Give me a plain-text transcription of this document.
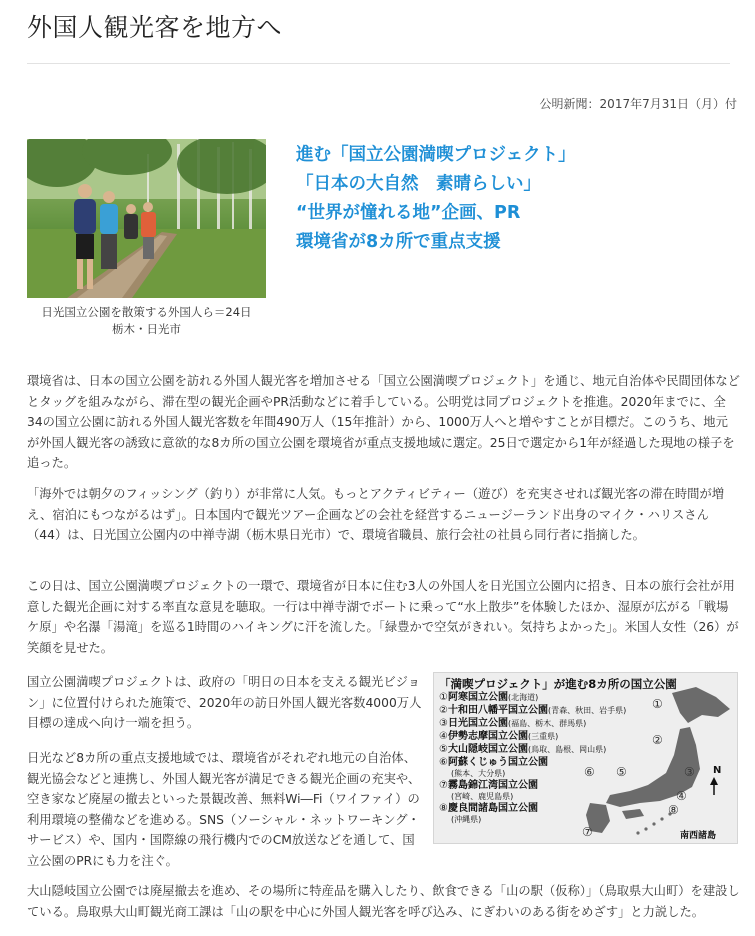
外国人観光客を地方へ
公明新聞：2017年7月31日（月）付
日光国立公園を散策する外国人ら＝24日
栃木・日光市
進む「国立公園満喫プロジェクト」
「日本の大自然　素晴らしい」
“世界が憧れる地”企画、PR
環境省が8カ所で重点支援

環境省は、日本の国立公園を訪れる外国人観光客を増加させる「国立公園満喫プロジェクト」を通じ、地元自治体や民間団体などとタッグを組みながら、滞在型の観光企画やPR活動などに着手している。公明党は同プロジェクトを推進。2020年までに、全34の国立公園に訪れる外国人観光客数を年間490万人（15年推計）から、1000万人へと増やすことが目標だ。このうち、地元が外国人観光客の誘致に意欲的な8カ所の国立公園を環境省が重点支援地域に選定。25日で選定から1年が経過した現地の様子を追った。

「海外では朝夕のフィッシング（釣り）が非常に人気。もっとアクティビティー（遊び）を充実させれば観光客の滞在時間が増え、宿泊にもつながるはず」。日本国内で観光ツアー企画などの会社を経営するニュージーランド出身のマイク・ハリスさん（44）は、日光国立公園内の中禅寺湖（栃木県日光市）で、環境省職員、旅行会社の社員ら同行者に指摘した。

この日は、国立公園満喫プロジェクトの一環で、環境省が日本に住む3人の外国人を日光国立公園内に招き、日本の旅行会社が用意した観光企画に対する率直な意見を聴取。一行は中禅寺湖でボートに乗って“水上散歩”を体験したほか、湿原が広がる「戦場ケ原」や名瀑「湯滝」を巡る1時間のハイキングに汗を流した。「緑豊かで空気がきれい。気持ちよかった」。米国人女性（26）が笑顔を見せた。

国立公園満喫プロジェクトは、政府の「明日の日本を支える観光ビジョン」に位置付けられた施策で、2020年の訪日外国人観光客数4000万人目標の達成へ向け一端を担う。

日光など8カ所の重点支援地域では、環境省がそれぞれ地元の自治体、観光協会などと連携し、外国人観光客が満足できる観光企画の充実や、空き家など廃屋の撤去といった景観改善、無料Wi―Fi（ワイファイ）の利用環境の整備などを進める。SNS（ソーシャル・ネットワーキング・サービス）や、国内・国際線の飛行機内でのCM放送などを通して、国立公園のPRにも力を注ぐ。

大山隠岐国立公園では廃屋撤去を進め、その場所に特産品を購入したり、飲食できる「山の駅（仮称）」（鳥取県大山町）を建設している。鳥取県大山町観光商工課は「山の駅を中心に外国人観光客を呼び込み、にぎわいのある街をめざす」と力説した。

「満喫プロジェクト」が進む8カ所の国立公園
①阿寒国立公園(北海道)
②十和田八幡平国立公園(青森、秋田、岩手県)
③日光国立公園(福島、栃木、群馬県)
④伊勢志摩国立公園(三重県)
⑤大山隠岐国立公園(鳥取、島根、岡山県)
⑥阿蘇くじゅう国立公園
(熊本、大分県)
⑦霧島錦江湾国立公園
(宮崎、鹿児島県)
⑧慶良間諸島国立公園
(沖縄県)
①
②
③
④
⑤
⑥
⑦
⑧
N
南西諸島
